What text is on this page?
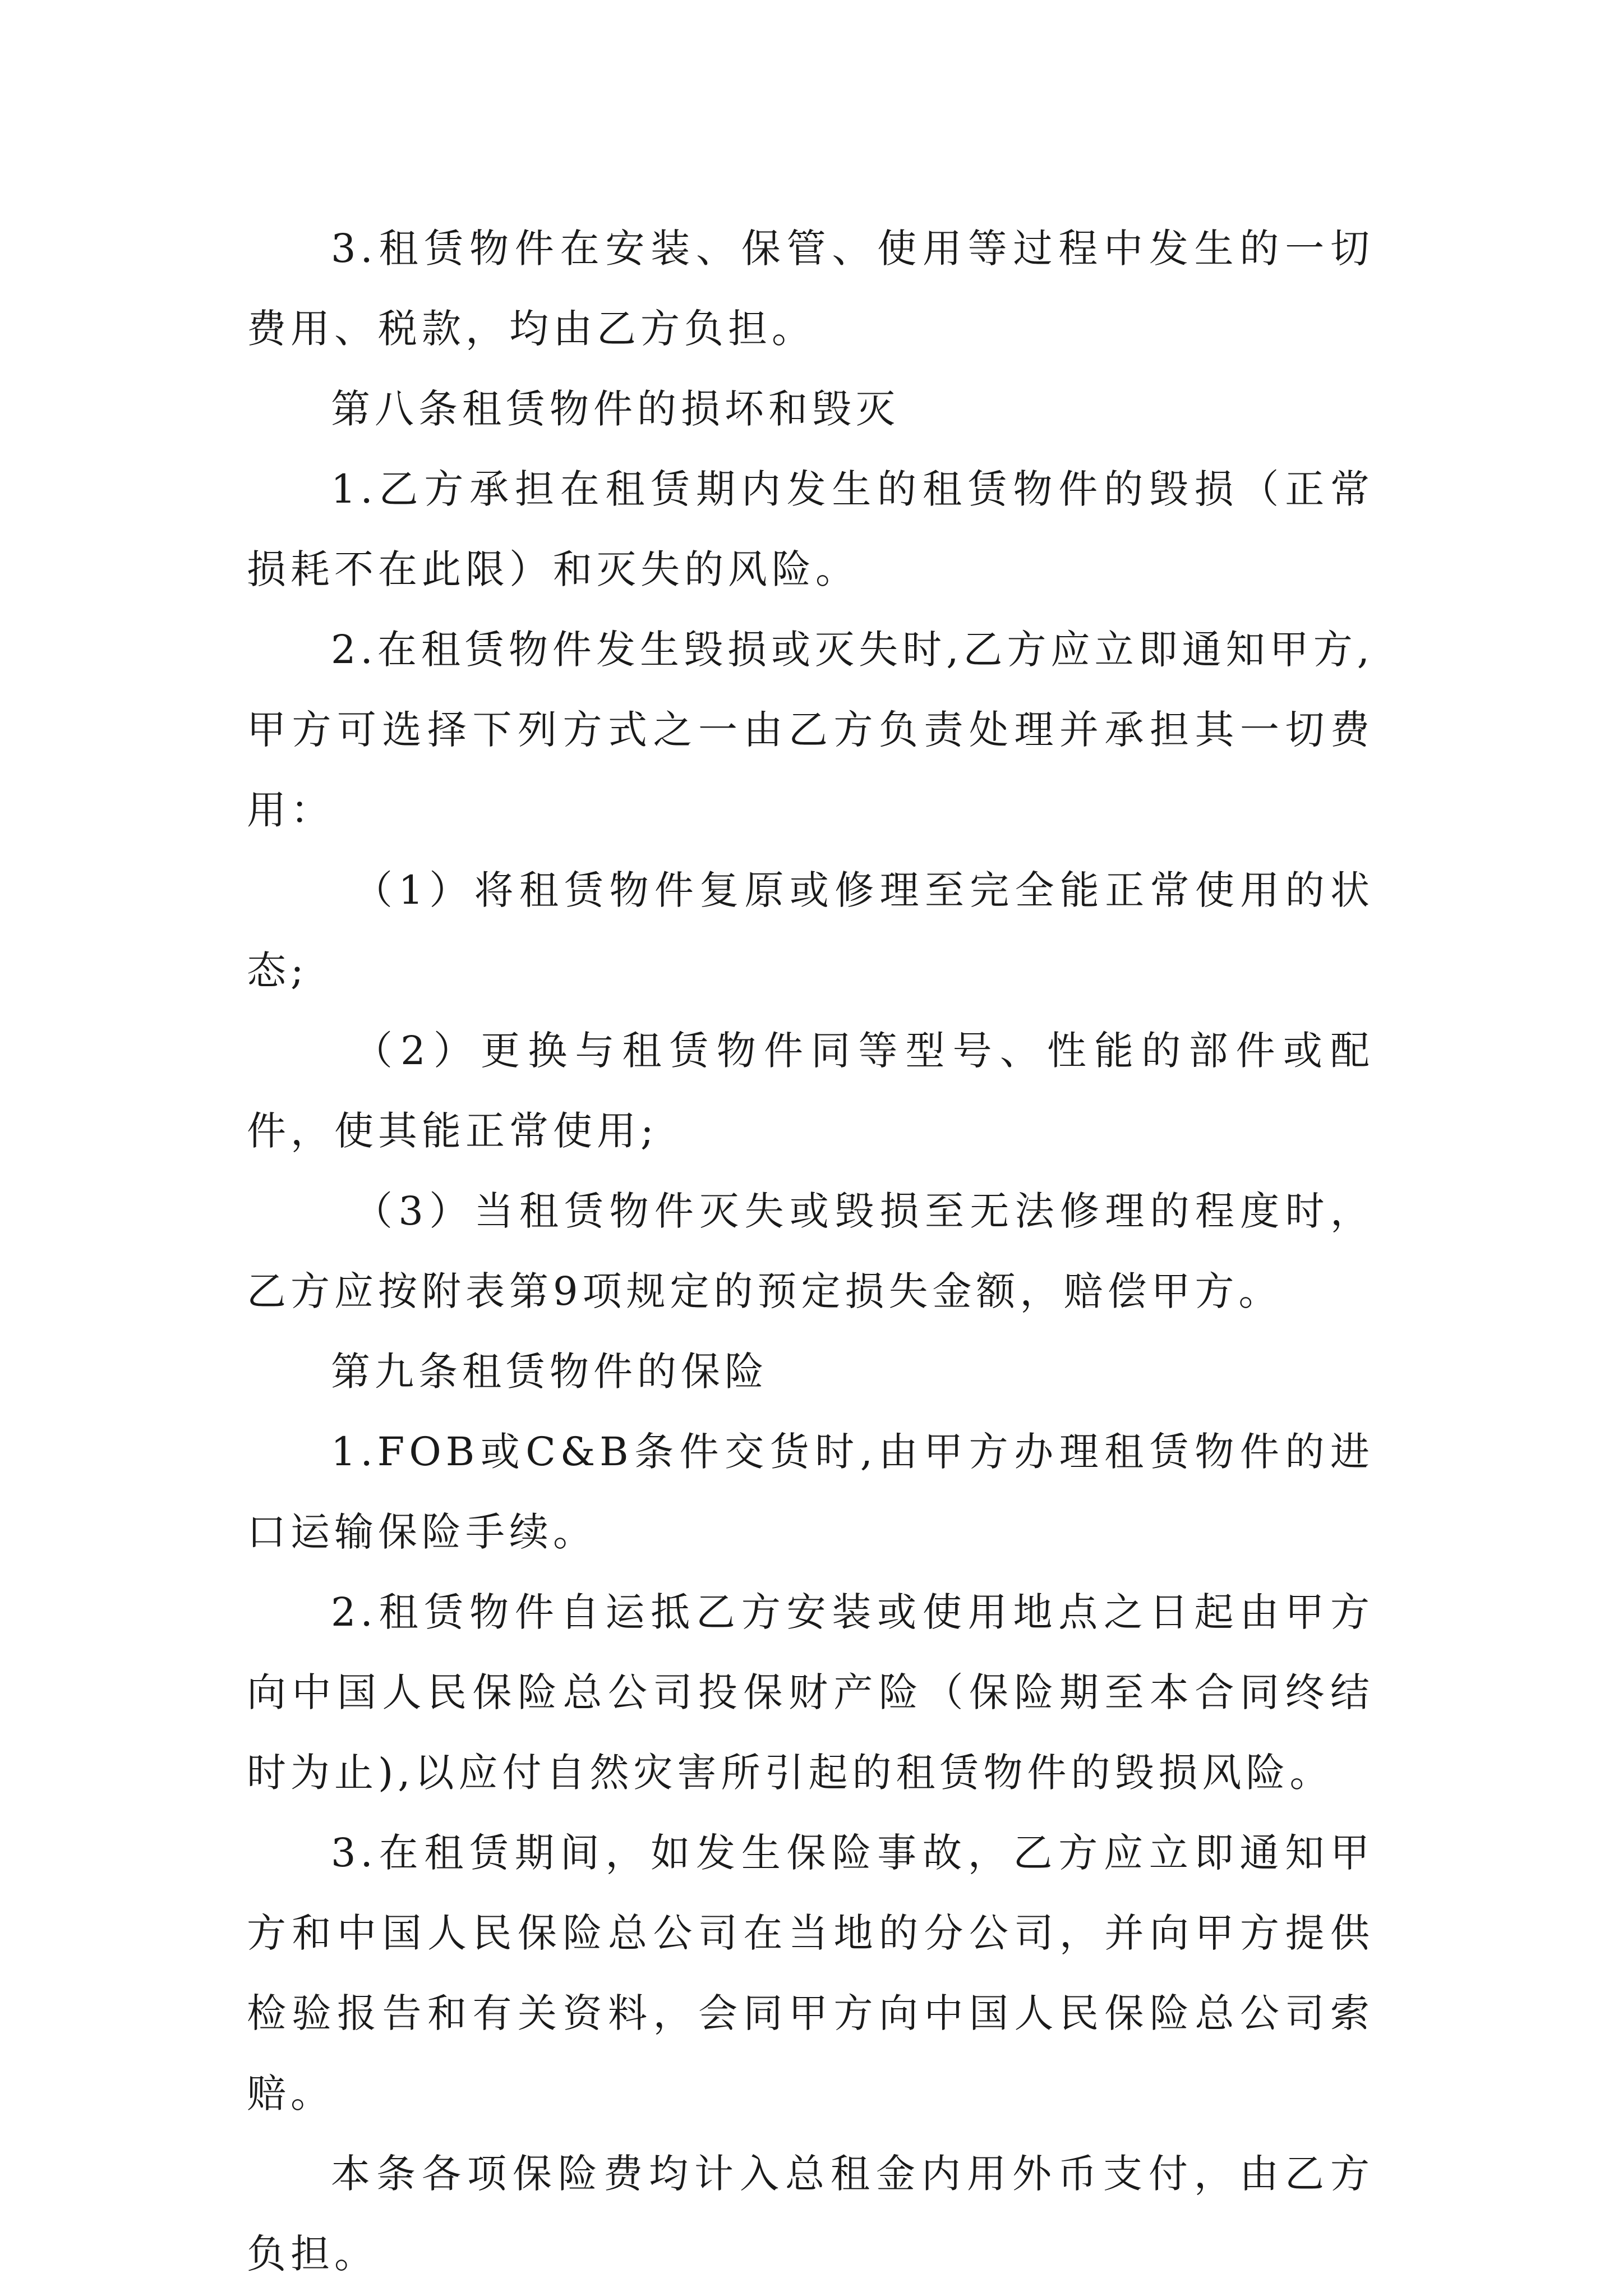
3.租赁物件在安装、保管、使用等过程中发生的一切费用、税款，均由乙方负担。

第八条租赁物件的损坏和毁灭

1.乙方承担在租赁期内发生的租赁物件的毁损（正常损耗不在此限）和灭失的风险。

2.在租赁物件发生毁损或灭失时,乙方应立即通知甲方,甲方可选择下列方式之一由乙方负责处理并承担其一切费用：

（1）将租赁物件复原或修理至完全能正常使用的状态;

（2）更换与租赁物件同等型号、性能的部件或配件，使其能正常使用;

（3）当租赁物件灭失或毁损至无法修理的程度时，乙方应按附表第9项规定的预定损失金额，赔偿甲方。

第九条租赁物件的保险

1.FOB或C&B条件交货时,由甲方办理租赁物件的进口运输保险手续。

2.租赁物件自运抵乙方安装或使用地点之日起由甲方向中国人民保险总公司投保财产险（保险期至本合同终结时为止),以应付自然灾害所引起的租赁物件的毁损风险。

3.在租赁期间，如发生保险事故，乙方应立即通知甲方和中国人民保险总公司在当地的分公司，并向甲方提供检验报告和有关资料，会同甲方向中国人民保险总公司索赔。

本条各项保险费均计入总租金内用外币支付，由乙方负担。
